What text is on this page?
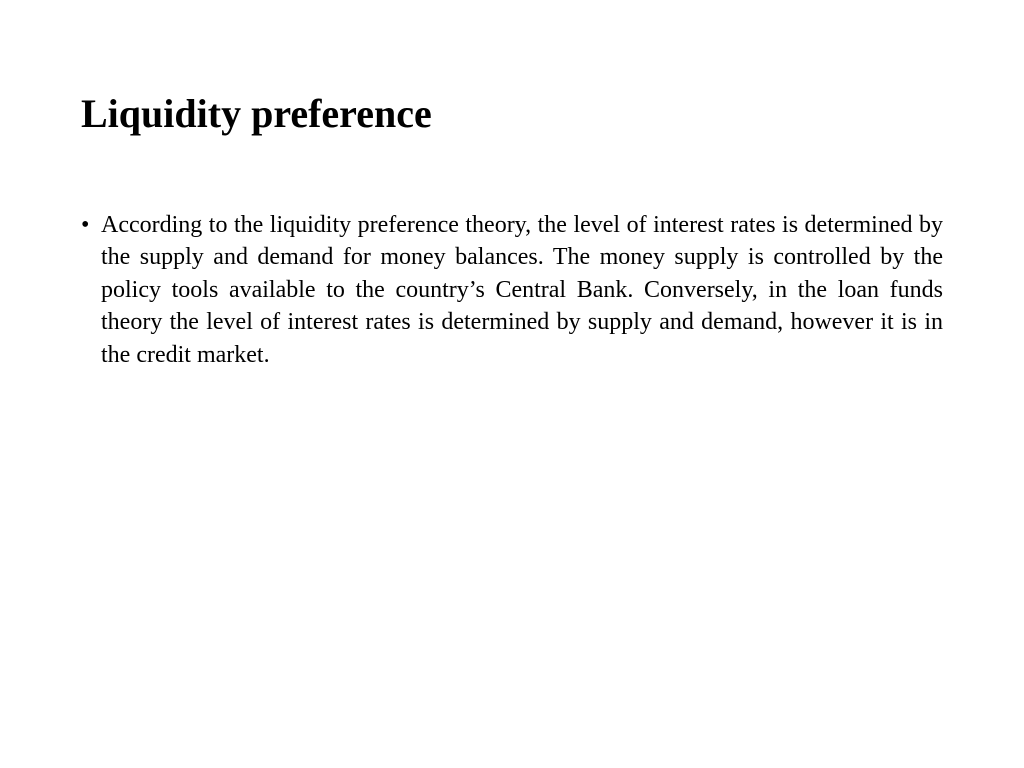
Liquidity preference
• According to the liquidity preference theory, the level of interest rates is determined by the supply and demand for money balances. The money supply is controlled by the policy tools available to the country’s Central Bank. Conversely, in the loan funds theory the level of interest rates is determined by supply and demand, however it is in the credit market.
